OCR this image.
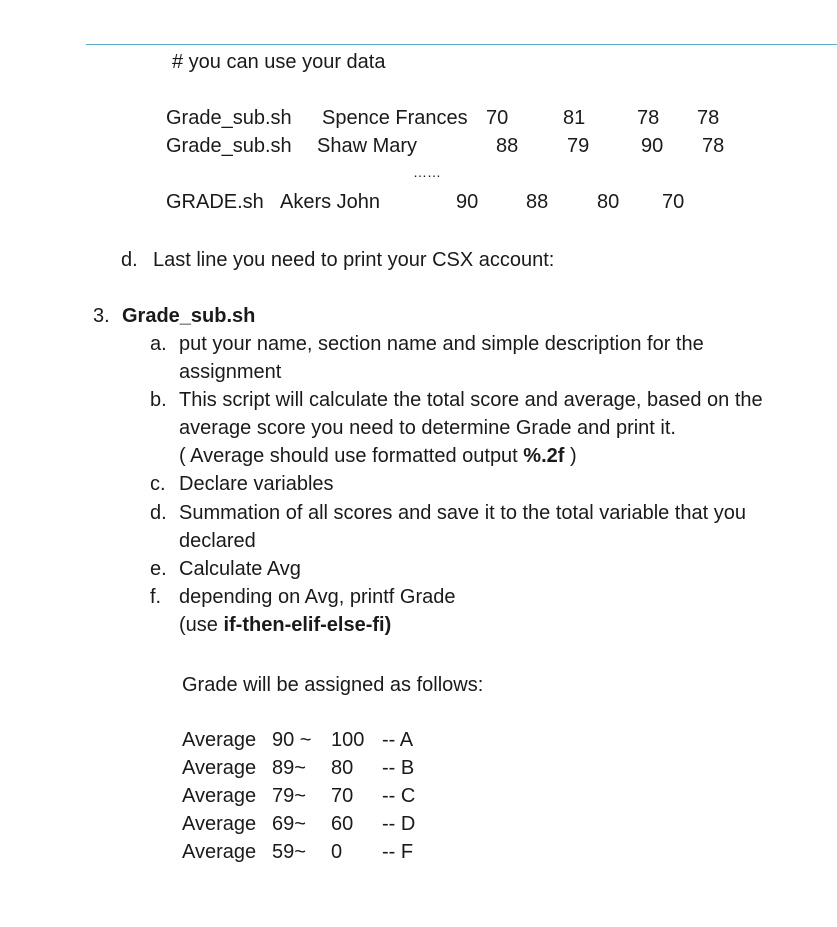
# you can use your data
Grade_sub.sh Spence Frances 70	81	78 78
Grade_sub.sh Shaw Mary	88 79	90 78
……
GRADE.sh Akers John	90 88 80 70
d. Last line you need to print your CSX account:
3. Grade_sub.sh
a. put your name, section name and simple description for the
assignment
b. This script will calculate the total score and average, based on the
average score you need to determine Grade and print it.
( Average should use formatted output %.2f )
c. Declare variables
d. Summation of all scores and save it to the total variable that you
declared
e. Calculate Avg
f. depending on Avg, printf Grade
(use if-then-elif-else-fi)
Grade will be assigned as follows:
Average 90 ~ 100 -- A
Average 89~ 80 -- B
Average 79~ 70 -- C
Average 69~ 60 -- D
Average 59~ 0 -- F
